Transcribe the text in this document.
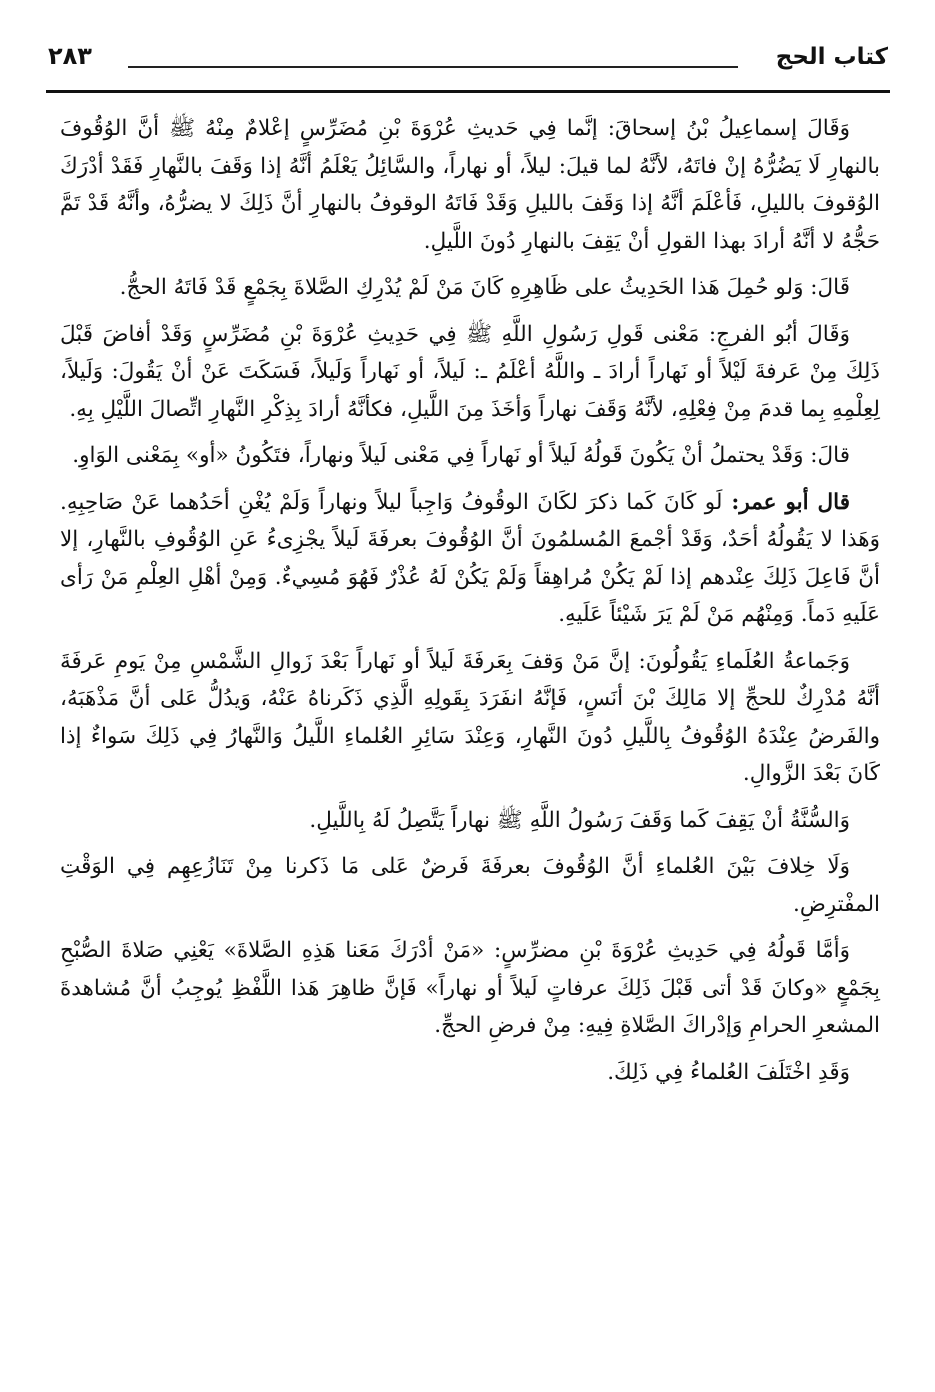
كتاب الحج
٢٨٣

وَقَالَ إسماعِيلُ بْنُ إسحاقَ: إنَّما فِي حَديثِ عُرْوَةَ بْنِ مُضَرِّسٍ إعْلامٌ مِنْهُ ﷺ أنَّ الوُقُوفَ بالنهارِ لَا يَضُرُّهُ إنْ فاتَهُ، لأنَّهُ لما قيلَ: ليلاً، أو نهاراً، والسَّائِلُ يَعْلَمُ أنَّهُ إذا وَقَفَ بالنَّهارِ فَقَدْ أدْرَكَ الوُقوفَ بالليلِ، فَأعْلَمَ أنَّهُ إذا وَقَفَ بالليلِ وَقَدْ فَاتَهُ الوقوفُ بالنهارِ أنَّ ذَلِكَ لا يضرُّهُ، وأنَّهُ قَدْ تَمَّ حَجُّهُ لا أنَّهُ أرادَ بهذا القولِ أنْ يَقِفَ بالنهارِ دُونَ اللَّيلِ.

قَالَ: وَلو حُمِلَ هَذا الحَدِيثُ على ظَاهِرِهِ كَانَ مَنْ لَمْ يُدْرِكِ الصَّلاةَ بِجَمْعٍ قَدْ فَاتَهُ الحجُّ.

وَقَالَ أبُو الفرجِ: مَعْنى قَولِ رَسُولِ اللَّهِ ﷺ فِي حَدِيثِ عُرْوَةَ بْنِ مُضَرِّسٍ وَقَدْ أفاضَ قَبْلَ ذَلِكَ مِنْ عَرفةَ لَيْلاً أو نَهاراً أرادَ ـ واللَّهُ أعْلَمُ ـ: لَيلاً، أو نَهاراً وَلَيلاً، فَسَكَتَ عَنْ أنْ يَقُولَ: وَلَيلاً، لِعِلْمِهِ بِما قدمَ مِنْ فِعْلِهِ، لأنَّهُ وَقَفَ نهاراً وَأخَذَ مِنَ اللَّيلِ، فكأنَّهُ أرادَ بِذِكْرِ النَّهارِ اتِّصالَ اللَّيْلِ بِهِ.

قالَ: وَقَدْ يحتملُ أنْ يَكُونَ قَولُهُ لَيلاً أو نَهاراً فِي مَعْنى لَيلاً ونهاراً، فتَكُونُ «أو» بِمَعْنى الوَاوِ.

قال أبو عمر: لَو كَانَ كَما ذكرَ لكَانَ الوقُوفُ وَاجِباً ليلاً ونهاراً وَلَمْ يُغْنِ أحَدُهما عَنْ صَاحِبِهِ. وَهَذا لا يَقُولُهُ أحَدٌ، وَقَدْ أجْمعَ المُسلمُونَ أنَّ الوُقُوفَ بعرفَةَ لَيلاً يجْزِىءُ عَنِ الوُقُوفِ بالنَّهارِ، إلا أنَّ فَاعِلَ ذَلِكَ عِنْدهم إذا لَمْ يَكُنْ مُراهِقاً وَلَمْ يَكُنْ لَهُ عُذْرٌ فَهُوَ مُسِيءٌ. وَمِنْ أهْلِ العِلْمِ مَنْ رَأى عَلَيهِ دَماً. وَمِنْهُم مَنْ لَمْ يَرَ شَيْئاً عَلَيهِ.

وَجَماعةُ العُلَماءِ يَقُولُونَ: إنَّ مَنْ وَقفَ بِعَرفَةَ لَيلاً أو نَهاراً بَعْدَ زَوالِ الشَّمْسِ مِنْ يَومِ عَرفَةَ أنَّهُ مُدْرِكٌ للحجِّ إلا مَالِكَ بْنَ أنَسٍ، فَإنَّهُ انفَرَدَ بِقَولِهِ الَّذِي ذَكَرناهُ عَنْهُ، وَيدُلُّ عَلى أنَّ مَذْهَبَهُ، والفَرضُ عِنْدَهُ الوُقُوفُ بِاللَّيلِ دُونَ النَّهارِ، وَعِنْدَ سَائِرِ العُلماءِ اللَّيلُ وَالنَّهارُ فِي ذَلِكَ سَواءٌ إذا كَانَ بَعْدَ الزَّوالِ.

وَالسُّنَّةُ أنْ يَقِفَ كَما وَقَفَ رَسُولُ اللَّهِ ﷺ نهاراً يَتَّصِلُ لَهُ بِاللَّيلِ.

وَلَا خِلافَ بَيْنَ العُلماءِ أنَّ الوُقُوفَ بعرفَةَ فَرضٌ عَلى مَا ذَكرنا مِنْ تَنَازُعِهِم فِي الوَقْتِ المفْترِضِ.

وَأمَّا قَولُهُ فِي حَدِيثِ عُرْوَةَ بْنِ مضرِّسٍ: «مَنْ أدْرَكَ مَعَنا هَذِهِ الصَّلاةَ» يَعْنِي صَلاةَ الصُّبْحِ بِجَمْعٍ «وكانَ قَدْ أتى قَبْلَ ذَلِكَ عرفاتٍ لَيلاً أو نهاراً» فَإنَّ ظاهِرَ هَذا اللَّفْظِ يُوجِبُ أنَّ مُشاهدةَ المشعرِ الحرامِ وَإدْراكَ الصَّلاةِ فِيهِ: مِنْ فرضِ الحجِّ.

وَقَدِ اخْتَلَفَ العُلماءُ فِي ذَلِكَ.
